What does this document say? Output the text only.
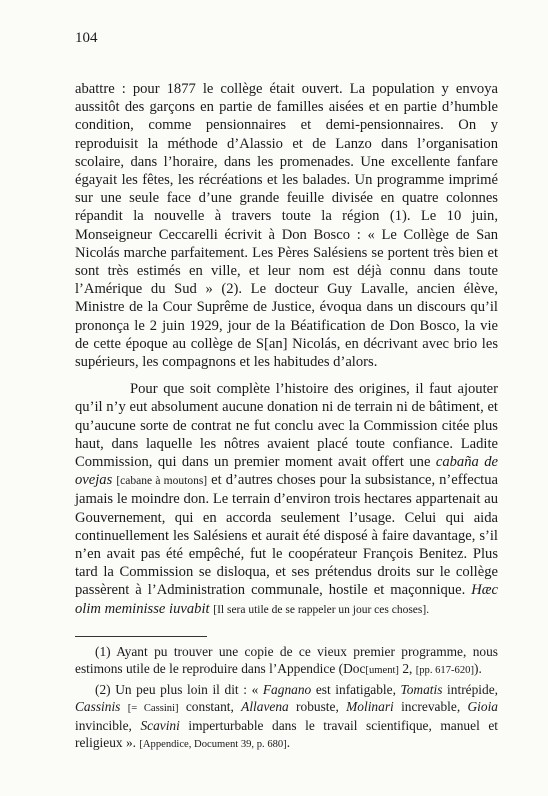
104

abattre : pour 1877 le collège était ouvert. La population y envoya aussitôt des garçons en partie de familles aisées et en partie d’humble condition, comme pensionnaires et demi-pensionnaires. On y reproduisit la méthode d’Alassio et de Lanzo dans l’organisation scolaire, dans l’horaire, dans les promenades. Une excellente fanfare égayait les fêtes, les récréations et les balades. Un programme imprimé sur une seule face d’une grande feuille divisée en quatre colonnes répandit la nouvelle à travers toute la région (1). Le 10 juin, Monseigneur Ceccarelli écrivit à Don Bosco : « Le Collège de San Nicolás marche parfaitement. Les Pères Salésiens se portent très bien et sont très estimés en ville, et leur nom est déjà connu dans toute l’Amérique du Sud » (2). Le docteur Guy Lavalle, ancien élève, Ministre de la Cour Suprême de Justice, évoqua dans un discours qu’il prononça le 2 juin 1929, jour de la Béatification de Don Bosco, la vie de cette époque au collège de S[an] Nicolás, en décrivant avec brio les supérieurs, les compagnons et les habitudes d’alors.

Pour que soit complète l’histoire des origines, il faut ajouter qu’il n’y eut absolument aucune donation ni de terrain ni de bâtiment, et qu’aucune sorte de contrat ne fut conclu avec la Commission citée plus haut, dans laquelle les nôtres avaient placé toute confiance. Ladite Commission, qui dans un premier moment avait offert une cabaña de ovejas [cabane à moutons] et d’autres choses pour la subsistance, n’effectua jamais le moindre don. Le terrain d’environ trois hectares appartenait au Gouvernement, qui en accorda seulement l’usage. Celui qui aida continuellement les Salésiens et aurait été disposé à faire davantage, s’il n’en avait pas été empêché, fut le coopérateur François Benitez. Plus tard la Commission se disloqua, et ses prétendus droits sur le collège passèrent à l’Administration communale, hostile et maçonnique. Hæc olim meminisse iuvabit [Il sera utile de se rappeler un jour ces choses].

(1) Ayant pu trouver une copie de ce vieux premier programme, nous estimons utile de le reproduire dans l’Appendice (Doc[ument] 2, [pp. 617-620]).

(2) Un peu plus loin il dit : « Fagnano est infatigable, Tomatis intrépide, Cassinis [= Cassini] constant, Allavena robuste, Molinari increvable, Gioia invincible, Scavini imperturbable dans le travail scientifique, manuel et religieux ». [Appendice, Document 39, p. 680].
